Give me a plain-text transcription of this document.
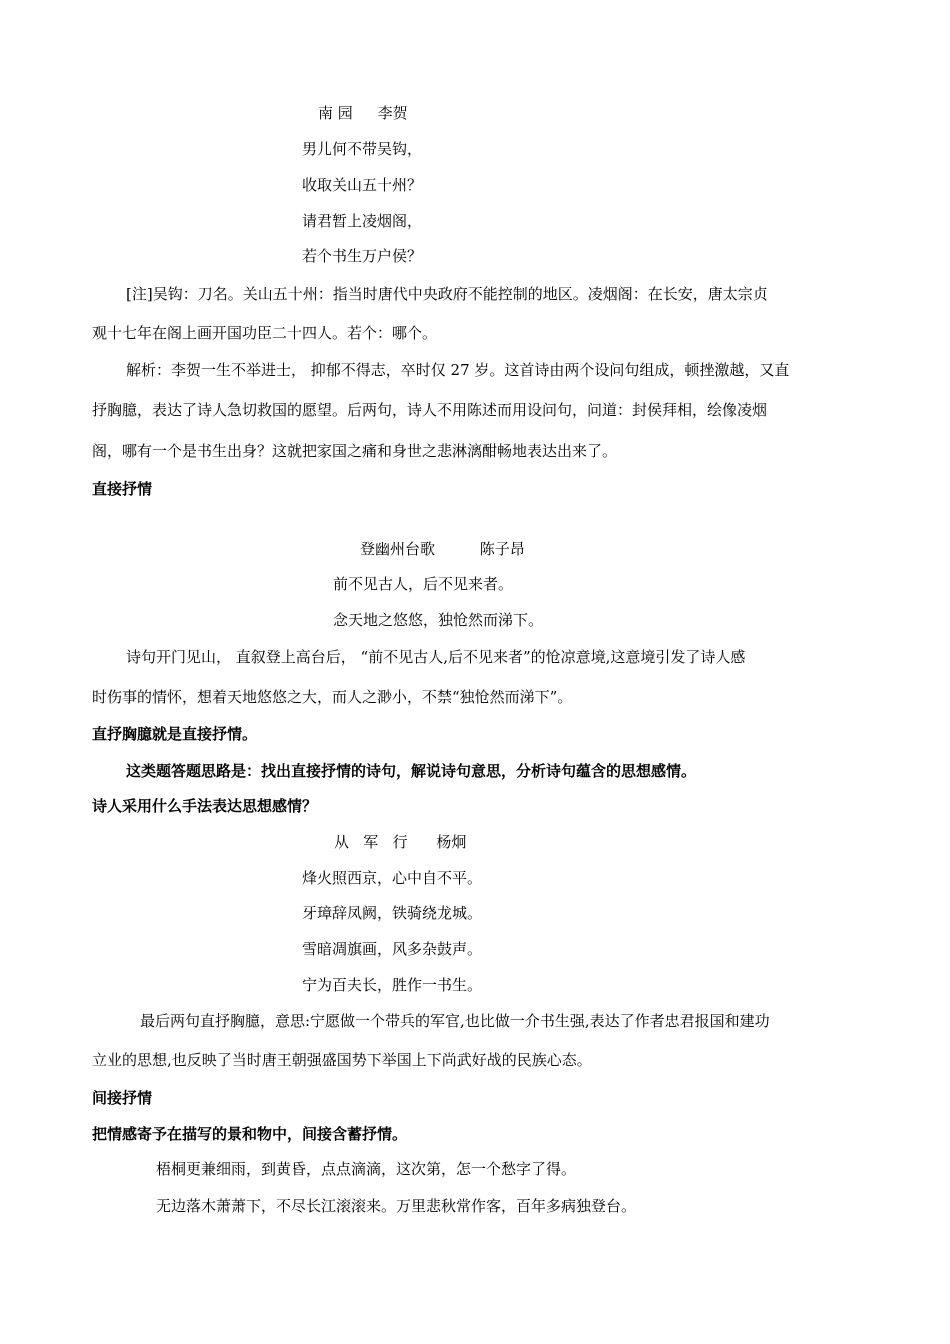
南 园 李贺
男儿何不带吴钩，
收取关山五十州？
请君暂上凌烟阁，
若个书生万户侯？
[注]吴钩：刀名。关山五十州：指当时唐代中央政府不能控制的地区。凌烟阁：在长安，唐太宗贞
观十七年在阁上画开国功臣二十四人。若个：哪个。
解析：李贺一生不举进士， 抑郁不得志，卒时仅 27 岁。这首诗由两个设问句组成，顿挫激越，又直
抒胸臆，表达了诗人急切救国的愿望。后两句，诗人不用陈述而用设问句，问道：封侯拜相，绘像凌烟
阁，哪有一个是书生出身？这就把家国之痛和身世之悲淋漓酣畅地表达出来了。
直接抒情
登幽州台歌	陈子昂
前不见古人，后不见来者。
念天地之悠悠，独怆然而涕下。
诗句开门见山， 直叙登上高台后， “前不见古人,后不见来者”的怆凉意境,这意境引发了诗人感
时伤事的情怀，想着天地悠悠之大，而人之渺小，不禁“独怆然而涕下”。
直抒胸臆就是直接抒情。
这类题答题思路是：找出直接抒情的诗句，解说诗句意思，分析诗句蕴含的思想感情。
诗人采用什么手法表达思想感情？
从   军   行 杨炯
烽火照西京，心中自不平。
牙璋辞凤阙，铁骑绕龙城。
雪暗凋旗画，风多杂鼓声。
宁为百夫长，胜作一书生。
最后两句直抒胸臆，意思:宁愿做一个带兵的军官,也比做一介书生强,表达了作者忠君报国和建功
立业的思想,也反映了当时唐王朝强盛国势下举国上下尚武好战的民族心态。
间接抒情
把情感寄予在描写的景和物中，间接含蓄抒情。
梧桐更兼细雨，到黄昏，点点滴滴，这次第，怎一个愁字了得。
无边落木萧萧下，不尽长江滚滚来。万里悲秋常作客，百年多病独登台。
